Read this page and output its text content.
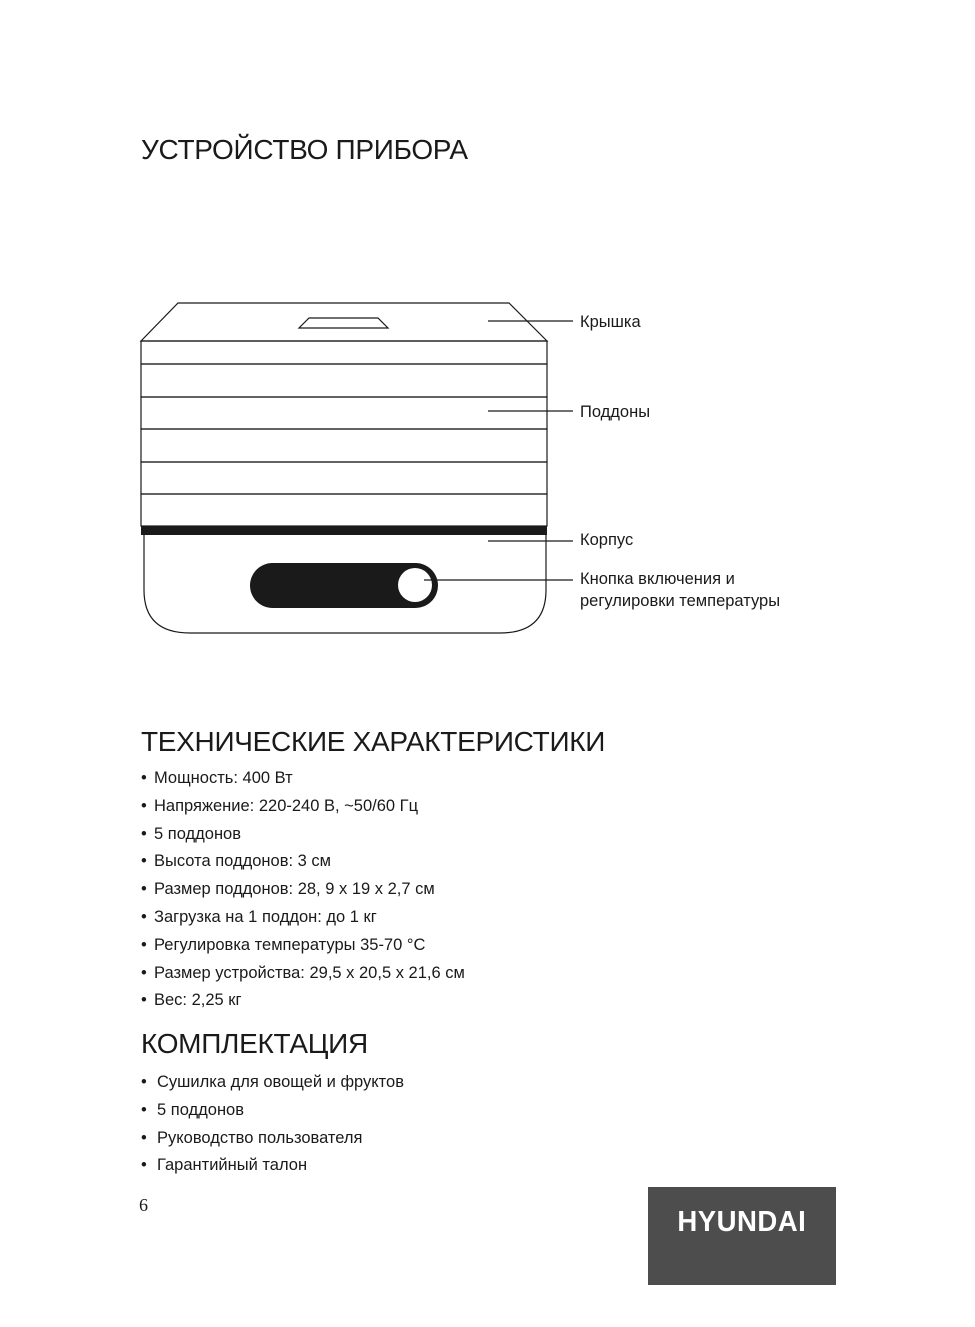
УСТРОЙСТВО ПРИБОРА
Крышка
Поддоны
Корпус
Кнопка включения и
регулировки температуры
ТЕХНИЧЕСКИЕ ХАРАКТЕРИСТИКИ
• Мощность: 400 Вт
• Напряжение: 220-240 В, ~50/60 Гц
• 5 поддонов
• Высота поддонов: 3 см
• Размер поддонов: 28, 9 x 19 x 2,7 см
• Загрузка на 1 поддон: до 1 кг
• Регулировка температуры 35-70 °C
• Размер устройства: 29,5 x 20,5 x 21,6 см
• Вес: 2,25 кг
КОМПЛЕКТАЦИЯ
• Сушилка для овощей и фруктов
• 5 поддонов
• Руководство пользователя
• Гарантийный талон
6
HYUNDAI
